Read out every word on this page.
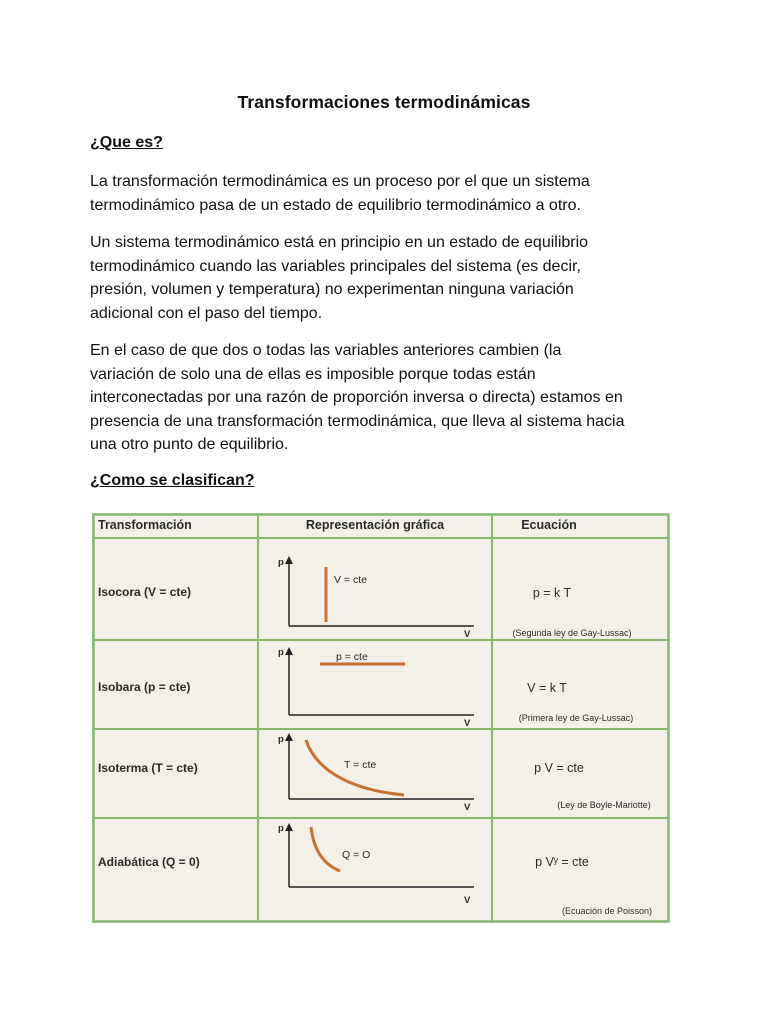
Transformaciones termodinámicas

¿Que es?

La transformación termodinámica es un proceso por el que un sistema
termodinámico pasa de un estado de equilibrio termodinámico a otro.

Un sistema termodinámico está en principio en un estado de equilibrio
termodinámico cuando las variables principales del sistema (es decir,
presión, volumen y temperatura) no experimentan ninguna variación
adicional con el paso del tiempo.

En el caso de que dos o todas las variables anteriores cambien (la
variación de solo una de ellas es imposible porque todas están
interconectadas por una razón de proporción inversa o directa) estamos en
presencia de una transformación termodinámica, que lleva al sistema hacia
una otro punto de equilibrio.

¿Como se clasifican?

Transformación	Representación gráfica	Ecuación
Isocora (V = cte)
Isobara (p = cte)
Isoterma (T = cte)
Adiabática (Q = 0)
p
V
V = cte
p
V
p = cte
p
V
T = cte
p
V
Q = O
p = k T
(Segunda ley de Gay-Lussac)
V = k T
(Primera ley de Gay-Lussac)
p V = cte
(Ley de Boyle-Mariotte)
p Vʸ = cte
(Ecuación de Poisson)
